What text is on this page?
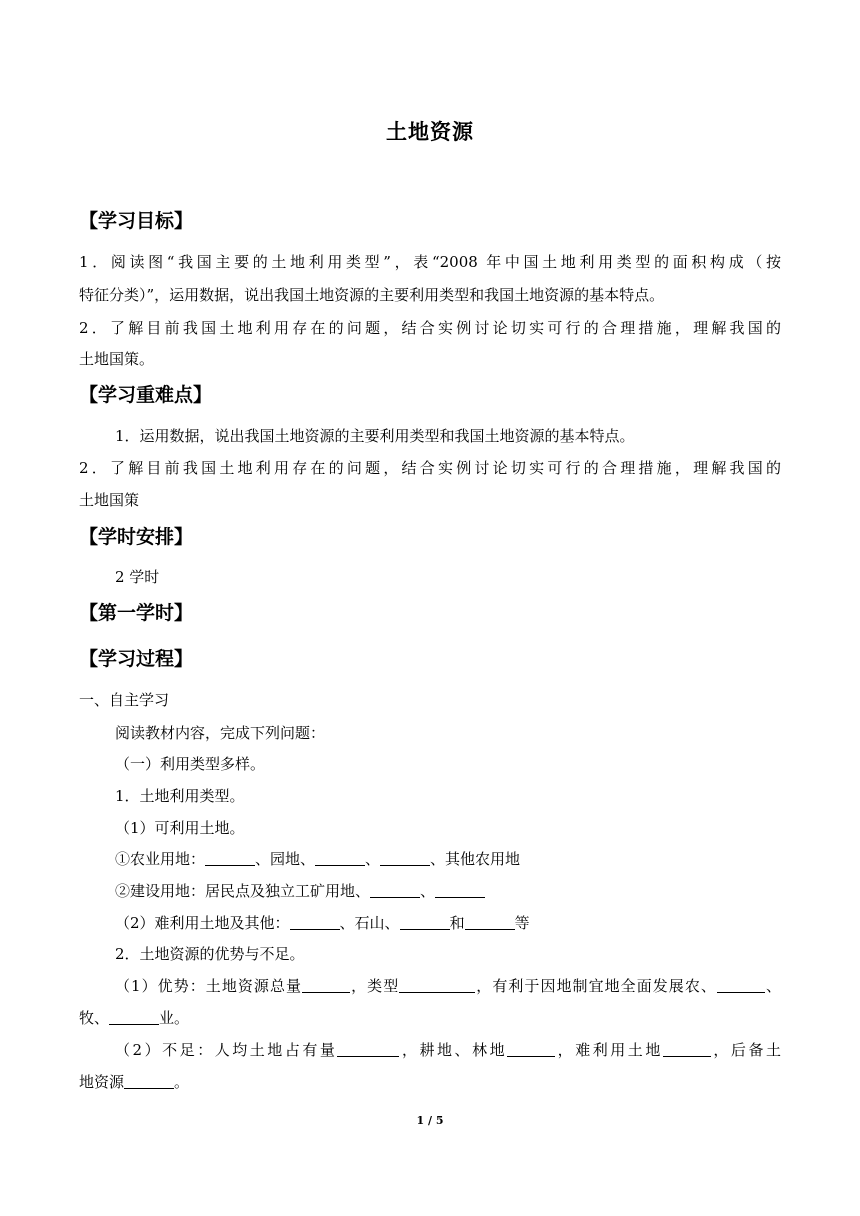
土地资源
【学习目标】
1．阅读图“我国主要的土地利用类型”，表“2008 年中国土地利用类型的面积构成（按
特征分类）”，运用数据，说出我国土地资源的主要利用类型和我国土地资源的基本特点。
2．了解目前我国土地利用存在的问题，结合实例讨论切实可行的合理措施，理解我国的
土地国策。
【学习重难点】
1．运用数据，说出我国土地资源的主要利用类型和我国土地资源的基本特点。
2．了解目前我国土地利用存在的问题，结合实例讨论切实可行的合理措施，理解我国的
土地国策
【学时安排】
2 学时
【第一学时】
【学习过程】
一、自主学习
阅读教材内容，完成下列问题：
（一）利用类型多样。
1．土地利用类型。
（1）可利用土地。
①农业用地：	、园地、	、	、其他农用地
②建设用地：居民点及独立工矿用地、	、
（2）难利用土地及其他：	、石山、	和	等
2．土地资源的优势与不足。
（1）优势：土地资源总量	，类型	，有利于因地制宜地全面发展农、	、
牧、	业。
（2）不足：人均土地占有量	，耕地、林地	，难利用土地	，后备土
地资源	。
1 / 5
